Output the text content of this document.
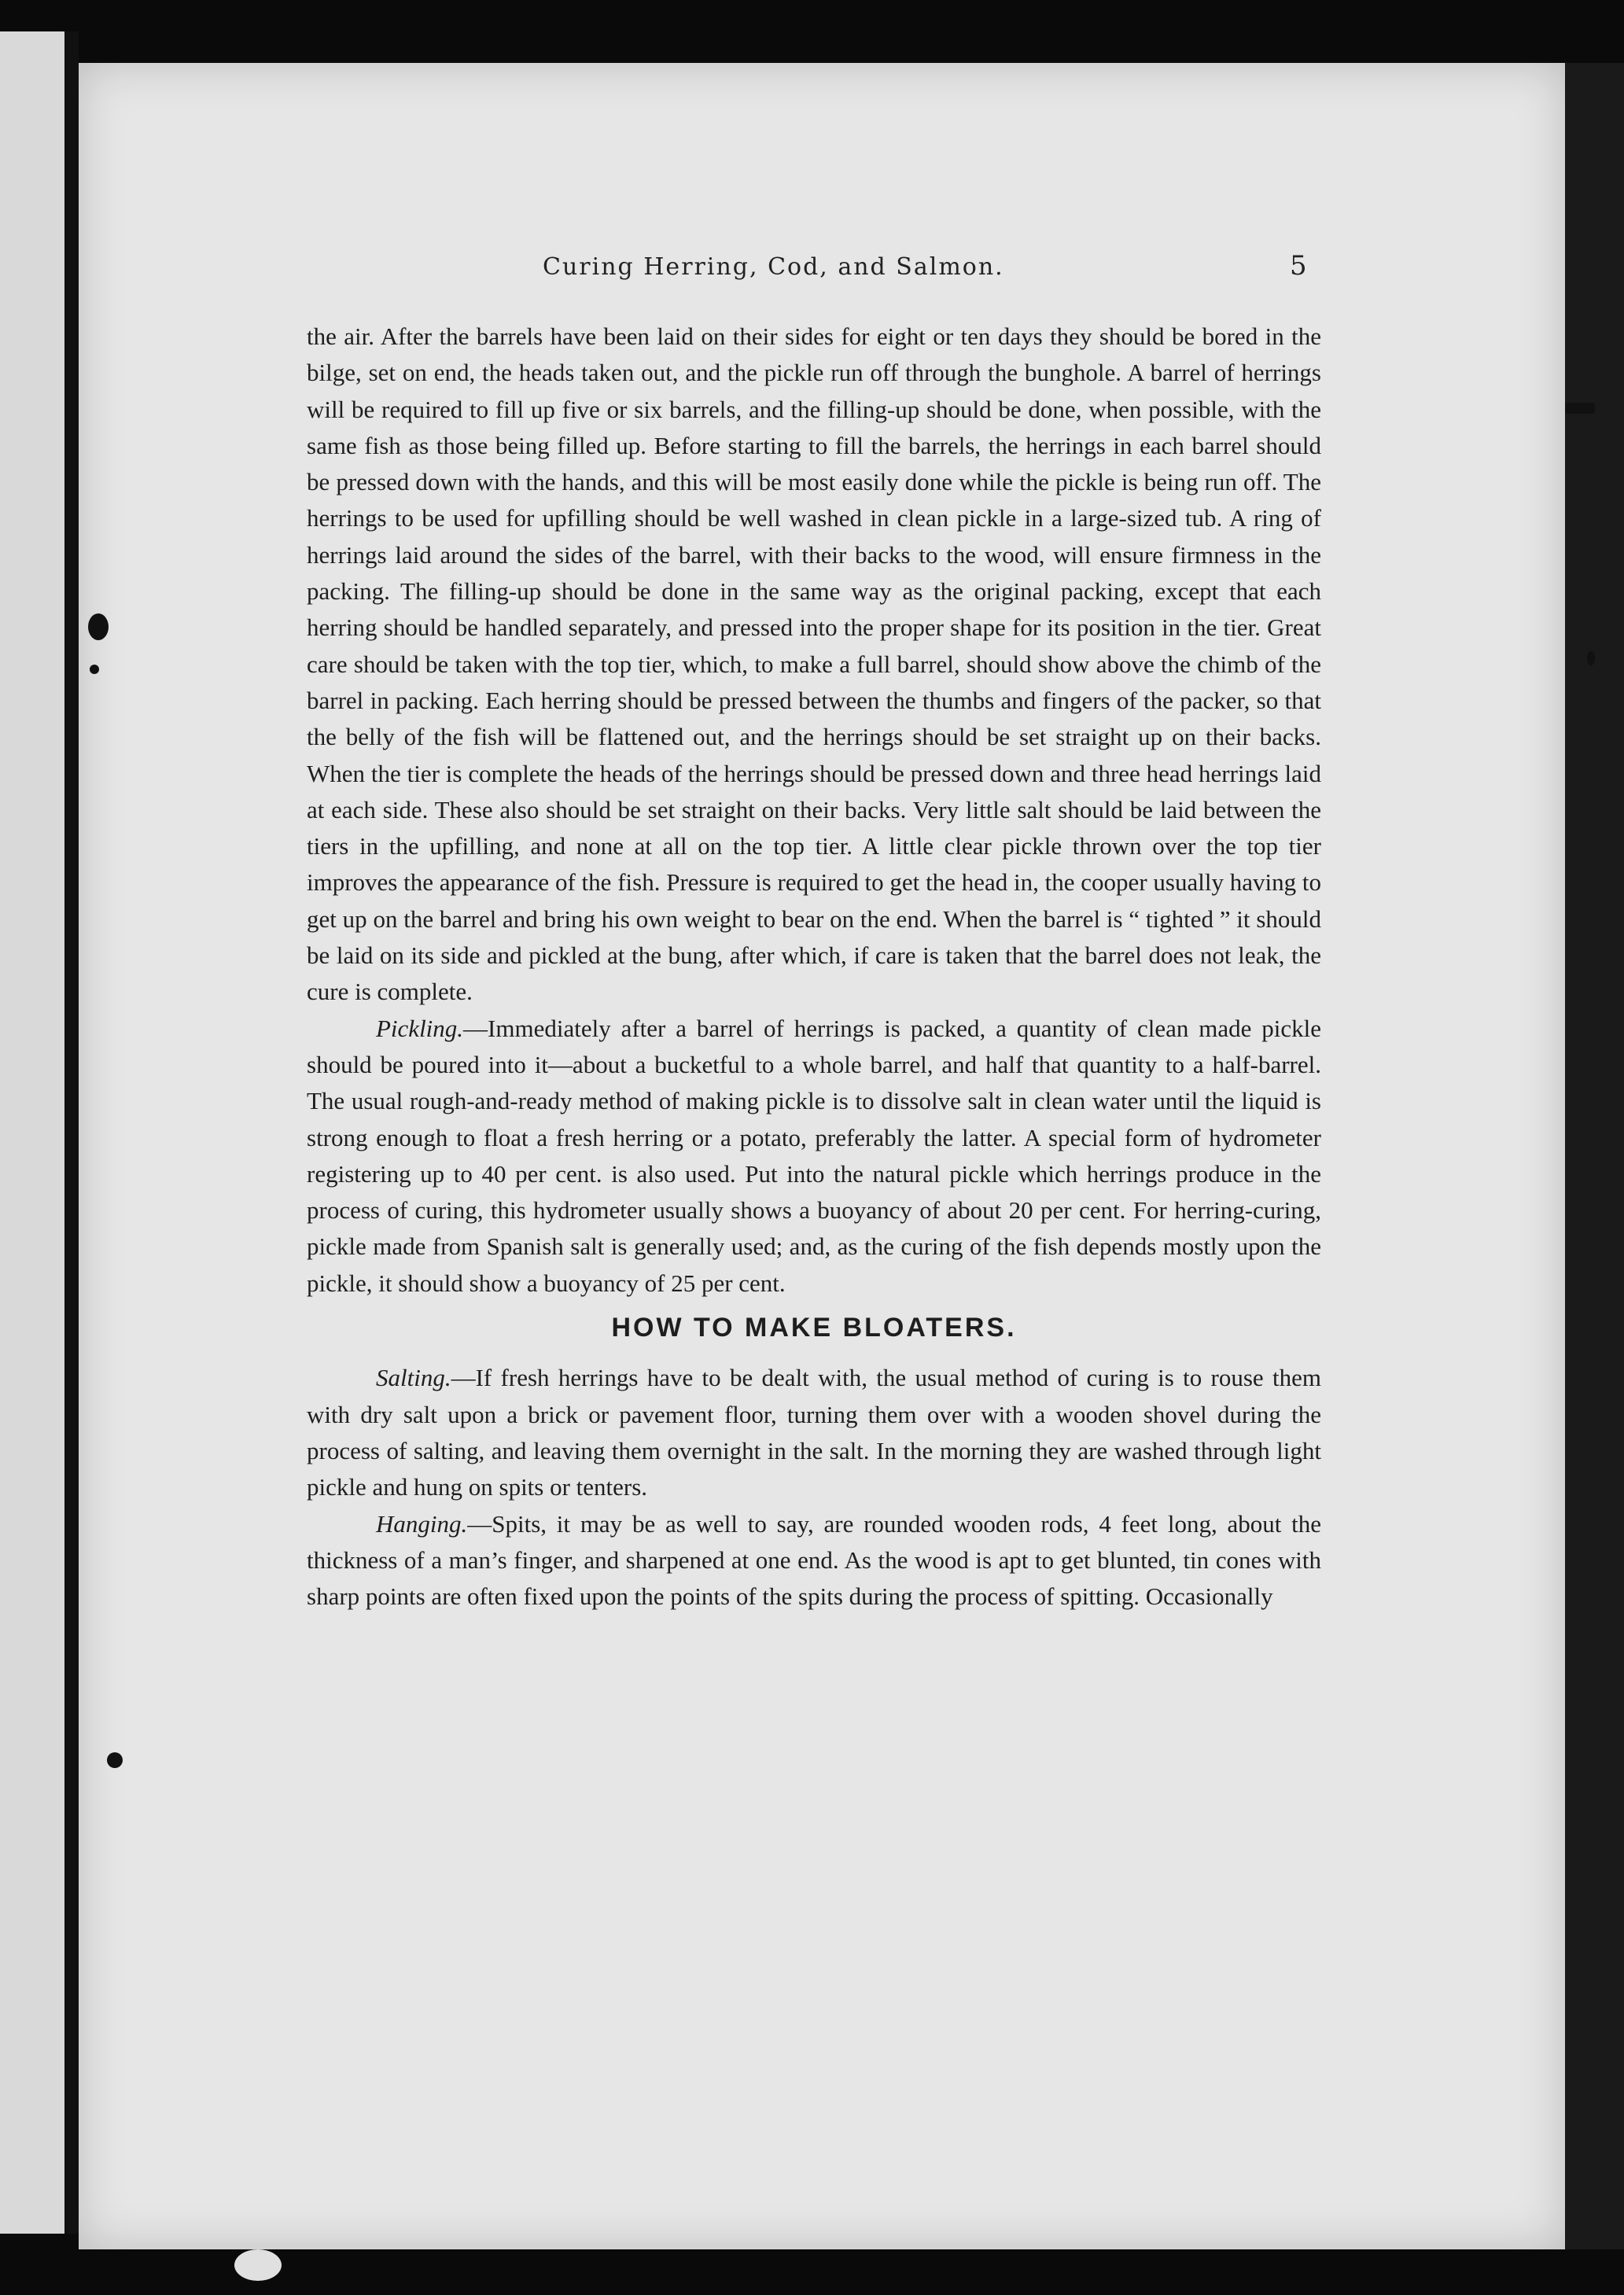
Curing Herring, Cod, and Salmon.	5

the air. After the barrels have been laid on their sides for eight or ten days they should be bored in the bilge, set on end, the heads taken out, and the pickle run off through the bunghole. A barrel of herrings will be required to fill up five or six barrels, and the filling-up should be done, when possible, with the same fish as those being filled up. Before starting to fill the barrels, the herrings in each barrel should be pressed down with the hands, and this will be most easily done while the pickle is being run off. The herrings to be used for upfilling should be well washed in clean pickle in a large-sized tub. A ring of herrings laid around the sides of the barrel, with their backs to the wood, will ensure firmness in the packing. The filling-up should be done in the same way as the original packing, except that each herring should be handled separately, and pressed into the proper shape for its position in the tier. Great care should be taken with the top tier, which, to make a full barrel, should show above the chimb of the barrel in packing. Each herring should be pressed between the thumbs and fingers of the packer, so that the belly of the fish will be flattened out, and the herrings should be set straight up on their backs. When the tier is complete the heads of the herrings should be pressed down and three head herrings laid at each side. These also should be set straight on their backs. Very little salt should be laid between the tiers in the upfilling, and none at all on the top tier. A little clear pickle thrown over the top tier improves the appearance of the fish. Pressure is required to get the head in, the cooper usually having to get up on the barrel and bring his own weight to bear on the end. When the barrel is “ tighted ” it should be laid on its side and pickled at the bung, after which, if care is taken that the barrel does not leak, the cure is complete.

Pickling.—Immediately after a barrel of herrings is packed, a quantity of clean made pickle should be poured into it—about a bucketful to a whole barrel, and half that quantity to a half-barrel. The usual rough-and-ready method of making pickle is to dissolve salt in clean water until the liquid is strong enough to float a fresh herring or a potato, preferably the latter. A special form of hydrometer registering up to 40 per cent. is also used. Put into the natural pickle which herrings produce in the process of curing, this hydrometer usually shows a buoyancy of about 20 per cent. For herring-curing, pickle made from Spanish salt is generally used; and, as the curing of the fish depends mostly upon the pickle, it should show a buoyancy of 25 per cent.

HOW TO MAKE BLOATERS.

Salting.—If fresh herrings have to be dealt with, the usual method of curing is to rouse them with dry salt upon a brick or pavement floor, turning them over with a wooden shovel during the process of salting, and leaving them overnight in the salt. In the morning they are washed through light pickle and hung on spits or tenters.

Hanging.—Spits, it may be as well to say, are rounded wooden rods, 4 feet long, about the thickness of a man’s finger, and sharpened at one end. As the wood is apt to get blunted, tin cones with sharp points are often fixed upon the points of the spits during the process of spitting. Occasionally
